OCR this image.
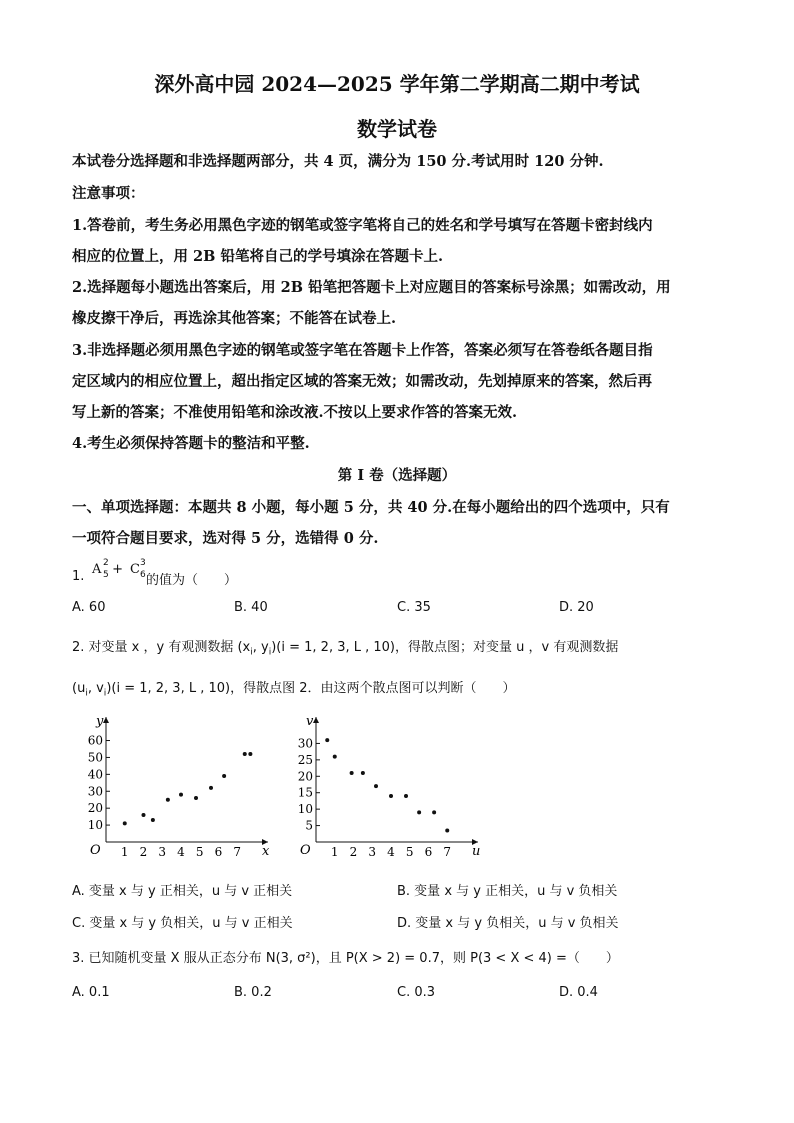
深外高中园 2024—2025 学年第二学期高二期中考试
数学试卷
本试卷分选择题和非选择题两部分，共 4 页，满分为 150 分.考试用时 120 分钟.
注意事项：
1.答卷前，考生务必用黑色字迹的钢笔或签字笔将自己的姓名和学号填写在答题卡密封线内
相应的位置上，用 2B 铅笔将自己的学号填涂在答题卡上.
2.选择题每小题选出答案后，用 2B 铅笔把答题卡上对应题目的答案标号涂黑；如需改动，用
橡皮擦干净后，再选涂其他答案；不能答在试卷上.
3.非选择题必须用黑色字迹的钢笔或签字笔在答题卡上作答，答案必须写在答卷纸各题目指
定区域内的相应位置上，超出指定区域的答案无效；如需改动，先划掉原来的答案，然后再
写上新的答案；不准使用铅笔和涂改液.不按以上要求作答的答案无效.
4.考生必须保持答题卡的整洁和平整.
第 I 卷（选择题）
一、单项选择题：本题共 8 小题，每小题 5 分，共 40 分.在每小题给出的四个选项中，只有
一项符合题目要求，选对得 5 分，选错得 0 分.
1. A 2
5 + C 3
6 的值为（　　）
A. 60	B. 40	C. 35	D. 20
2. 对变量 x ，y 有观测数据 ($x_i$, $y_i)(i = 1$, 2, 3, L , 10)，得散点图；对变量 u ，v 有观测数据
($u_i$, $v_i)(i = 1$, 2, 3, L , 10)，得散点图 2．由这两个散点图可以判断（　　）
O	x
y
1 2 3 4 5 6 7
10
20
30
40
50
60
O	u
v
1 2 3 4 5 6 7
5
10
15
20
25
30
A. 变量 x 与 y 正相关，u 与 v 正相关	B. 变量 x 与 y 正相关，u 与 v 负相关
C. 变量 x 与 y 负相关，u 与 v 正相关	D. 变量 x 与 y 负相关，u 与 v 负相关
3. 已知随机变量 X 服从正态分布 N(3, σ²)，且 P(X > 2) = 0.7，则 P(3 < X < 4) =（　　）
A. 0.1	B. 0.2	C. 0.3	D. 0.4
